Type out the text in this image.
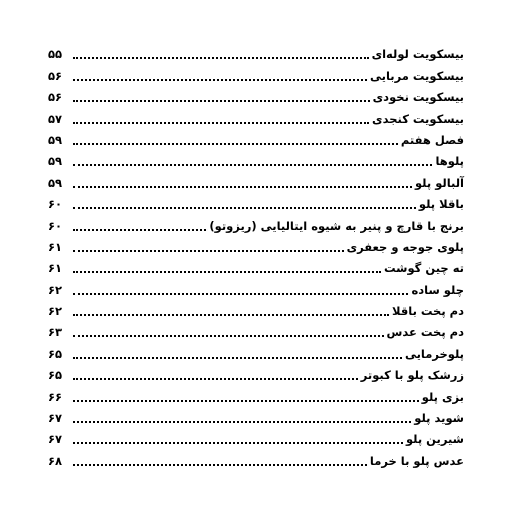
بیسکویت لوله‌ای
۵۵
بیسکویت مربایی
۵۶
بیسکویت نخودی
۵۶
بیسکویت کنجدی
۵۷
فصل هفتم
۵۹
پلوها
۵۹
آلبالو پلو
۵۹
باقلا پلو
۶۰
برنج با قارچ و پنیر به شیوه ایتالیایی (ریزوتو)
۶۰
پلوی جوجه و جعفری
۶۱
ته چین گوشت
۶۱
چلو ساده
۶۲
دم پخت باقلا
۶۲
دم پخت عدس
۶۳
پلوخرمایی
۶۵
زرشک پلو با کبوتر
۶۵
بزی پلو
۶۶
شوید پلو
۶۷
شیرین پلو
۶۷
عدس پلو با خرما
۶۸
